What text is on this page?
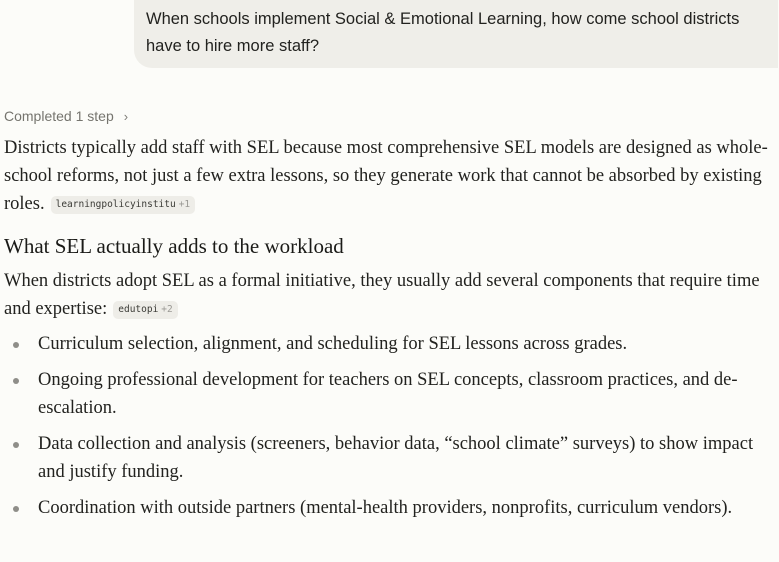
When schools implement Social & Emotional Learning, how come school districts have to hire more staff?

Completed 1 step ›

Districts typically add staff with SEL because most comprehensive SEL models are designed as whole-school reforms, not just a few extra lessons, so they generate work that cannot be absorbed by existing roles. learningpolicyinstitu +1

What SEL actually adds to the workload

When districts adopt SEL as a formal initiative, they usually add several components that require time and expertise: edutopi +2

Curriculum selection, alignment, and scheduling for SEL lessons across grades.
Ongoing professional development for teachers on SEL concepts, classroom practices, and de-escalation.
Data collection and analysis (screeners, behavior data, “school climate” surveys) to show impact and justify funding.
Coordination with outside partners (mental-health providers, nonprofits, curriculum vendors).
